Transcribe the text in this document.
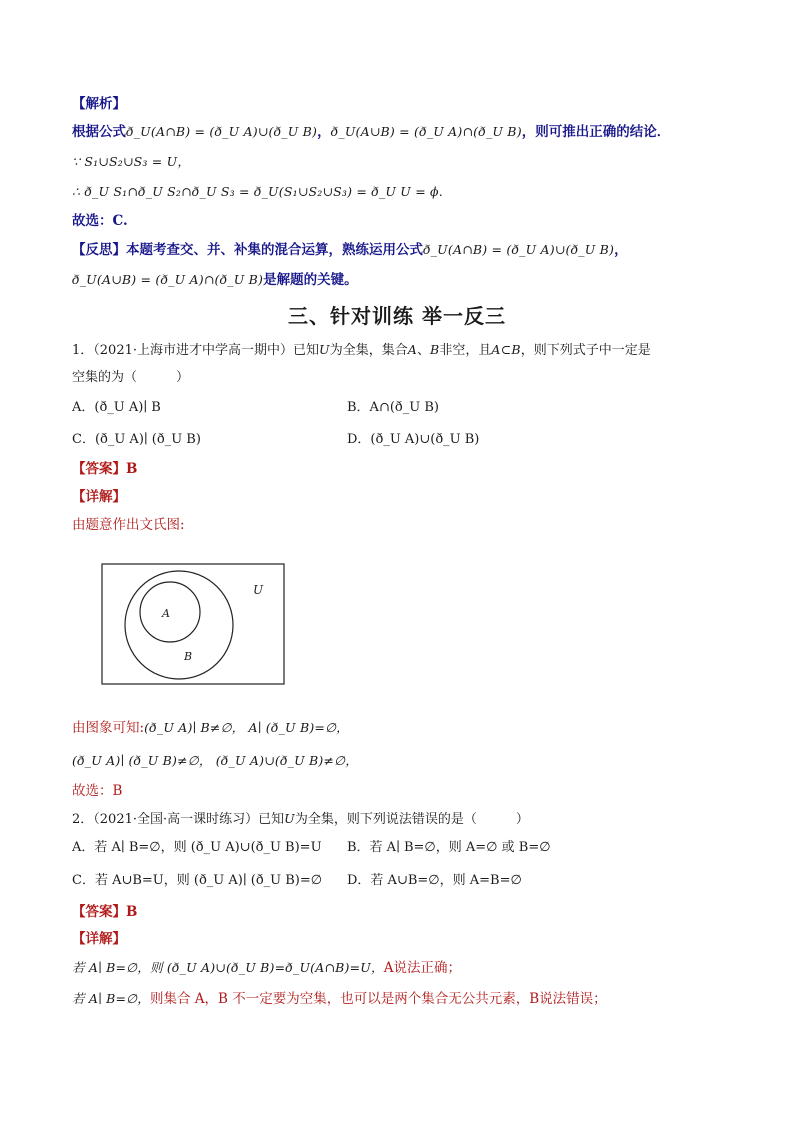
【解析】
根据公式ð_U(A∩B) = (ð_U A)∪(ð_U B)，ð_U(A∪B) = (ð_U A)∩(ð_U B)，则可推出正确的结论．
∵ S₁∪S₂∪S₃ = U，
∴ ð_U S₁∩ð_U S₂∩ð_U S₃ = ð_U(S₁∪S₂∪S₃) = ð_U U = ϕ.
故选：C.
【反思】本题考查交、并、补集的混合运算，熟练运用公式ð_U(A∩B) = (ð_U A)∪(ð_U B)，
ð_U(A∪B) = (ð_U A)∩(ð_U B)是解题的关键。
三、针对训练 举一反三
1．（2021·上海市进才中学高一期中）已知U为全集，集合A、B非空，且A⊂B，则下列式子中一定是
空集的为（　　　）
A．(ð_U A)∣ B	B．A∩(ð_U B)
C．(ð_U A)∣ (ð_U B)	D．(ð_U A)∪(ð_U B)
【答案】B
【详解】
由题意作出文氏图:
U
A
B
由图象可知:(ð_U A)∣ B≠∅， A∣ (ð_U B)=∅，
(ð_U A)∣ (ð_U B)≠∅， (ð_U A)∪(ð_U B)≠∅，
故选：B
2．（2021·全国·高一课时练习）已知U为全集，则下列说法错误的是（　　　）
A．若 A∣ B=∅，则 (ð_U A)∪(ð_U B)=U B．若 A∣ B=∅，则 A=∅ 或 B=∅
C．若 A∪B=U，则 (ð_U A)∣ (ð_U B)=∅ D．若 A∪B=∅，则 A=B=∅
【答案】B
【详解】
若 A∣ B=∅，则 (ð_U A)∪(ð_U B)=ð_U(A∩B)=U，A说法正确；
若 A∣ B=∅，则集合 A，B 不一定要为空集，也可以是两个集合无公共元素，B说法错误；
